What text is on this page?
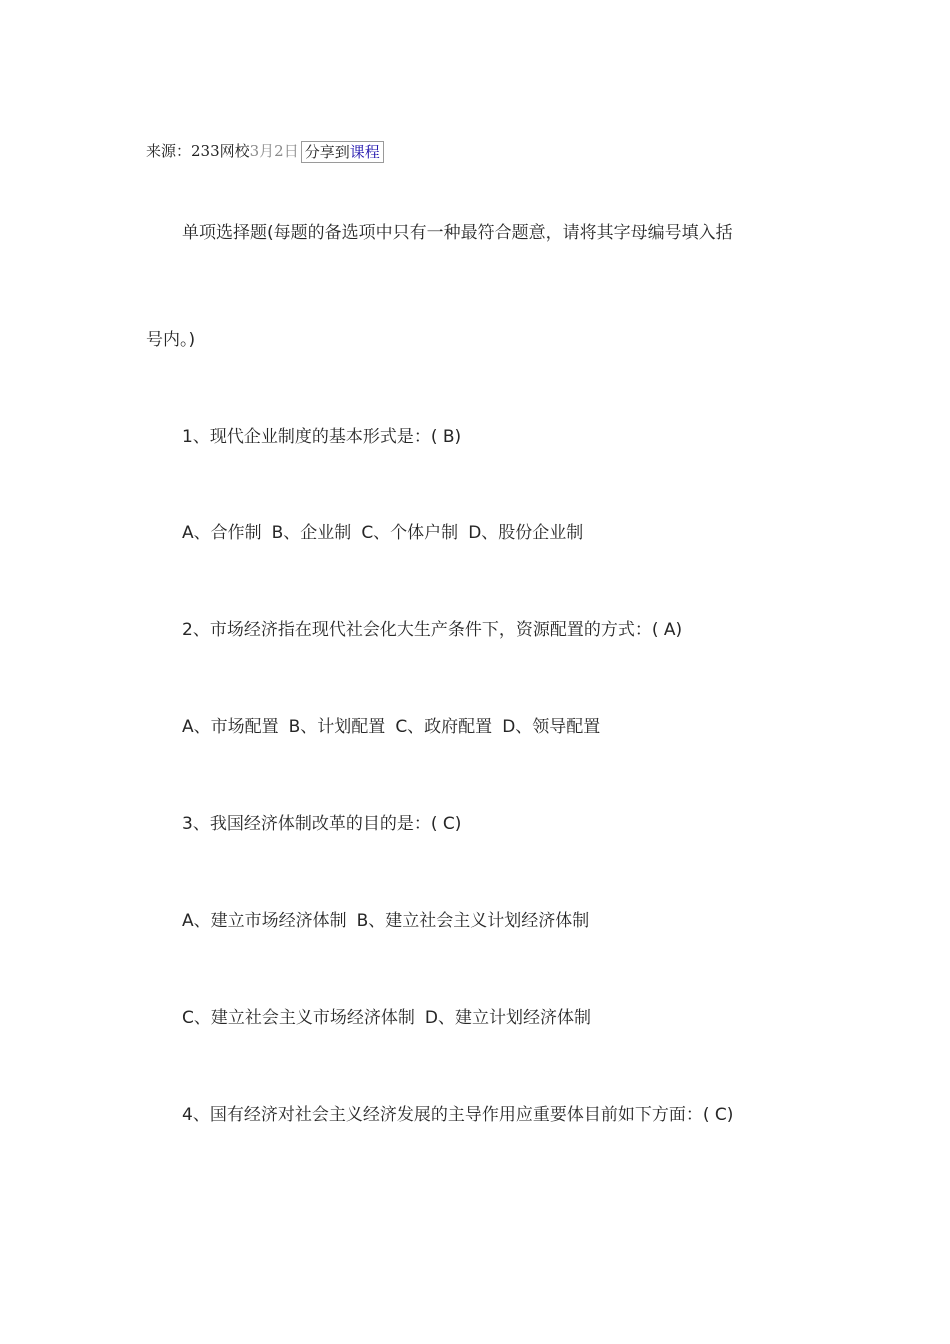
来源：233网校3月2日 分享到课程
单项选择题(每题的备选项中只有一种最符合题意，请将其字母编号填入括
号内。)
1、现代企业制度的基本形式是：( B)
A、合作制 B、企业制 C、个体户制 D、股份企业制
2、市场经济指在现代社会化大生产条件下，资源配置的方式：( A)
A、市场配置 B、计划配置 C、政府配置 D、领导配置
3、我国经济体制改革的目的是：( C)
A、建立市场经济体制 B、建立社会主义计划经济体制
C、建立社会主义市场经济体制 D、建立计划经济体制
4、国有经济对社会主义经济发展的主导作用应重要体目前如下方面：( C)
